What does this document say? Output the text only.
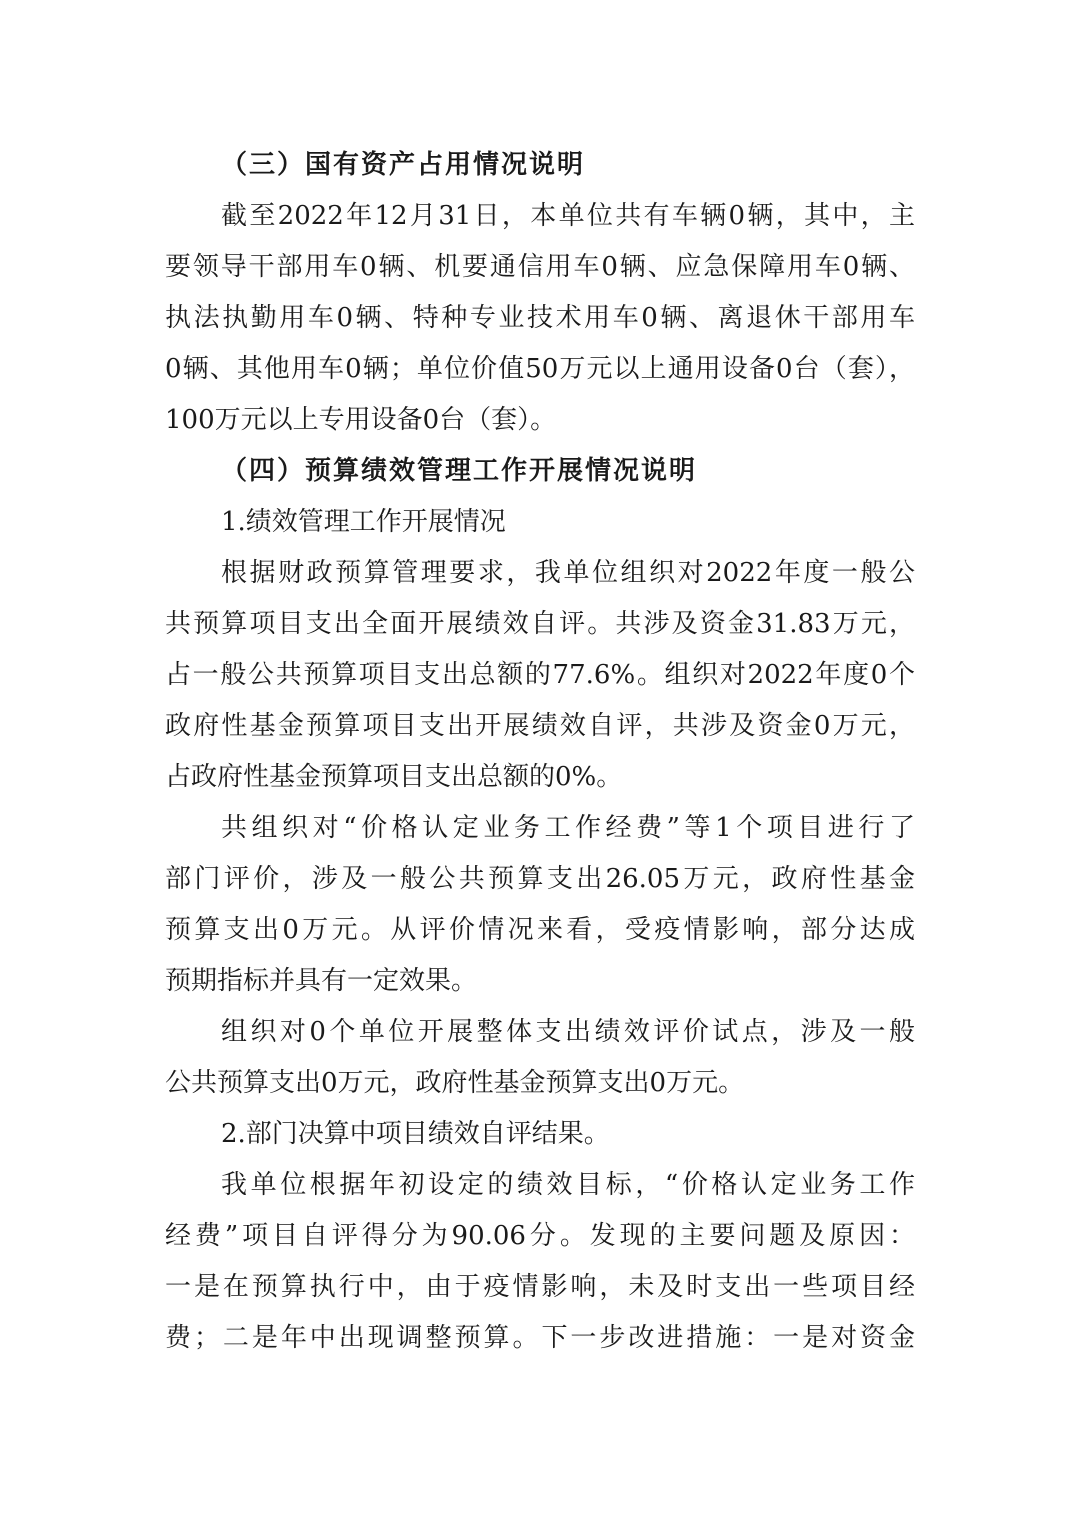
（三）国有资产占用情况说明
截至2022年12月31日，本单位共有车辆0辆，其中，主
要领导干部用车0辆、机要通信用车0辆、应急保障用车0辆、
执法执勤用车0辆、特种专业技术用车0辆、离退休干部用车
0辆、其他用车0辆；单位价值50万元以上通用设备0台（套），
100万元以上专用设备0台（套）。
（四）预算绩效管理工作开展情况说明
1.绩效管理工作开展情况
根据财政预算管理要求，我单位组织对2022年度一般公
共预算项目支出全面开展绩效自评。共涉及资金31.83万元，
占一般公共预算项目支出总额的77.6%。组织对2022年度0个
政府性基金预算项目支出开展绩效自评，共涉及资金0万元，
占政府性基金预算项目支出总额的0%。
共组织对“价格认定业务工作经费”等1个项目进行了
部门评价，涉及一般公共预算支出26.05万元，政府性基金
预算支出0万元。从评价情况来看，受疫情影响，部分达成
预期指标并具有一定效果。
组织对0个单位开展整体支出绩效评价试点，涉及一般
公共预算支出0万元，政府性基金预算支出0万元。
2.部门决算中项目绩效自评结果。
我单位根据年初设定的绩效目标，“价格认定业务工作
经费”项目自评得分为90.06分。发现的主要问题及原因：
一是在预算执行中，由于疫情影响，未及时支出一些项目经
费；二是年中出现调整预算。下一步改进措施：一是对资金
